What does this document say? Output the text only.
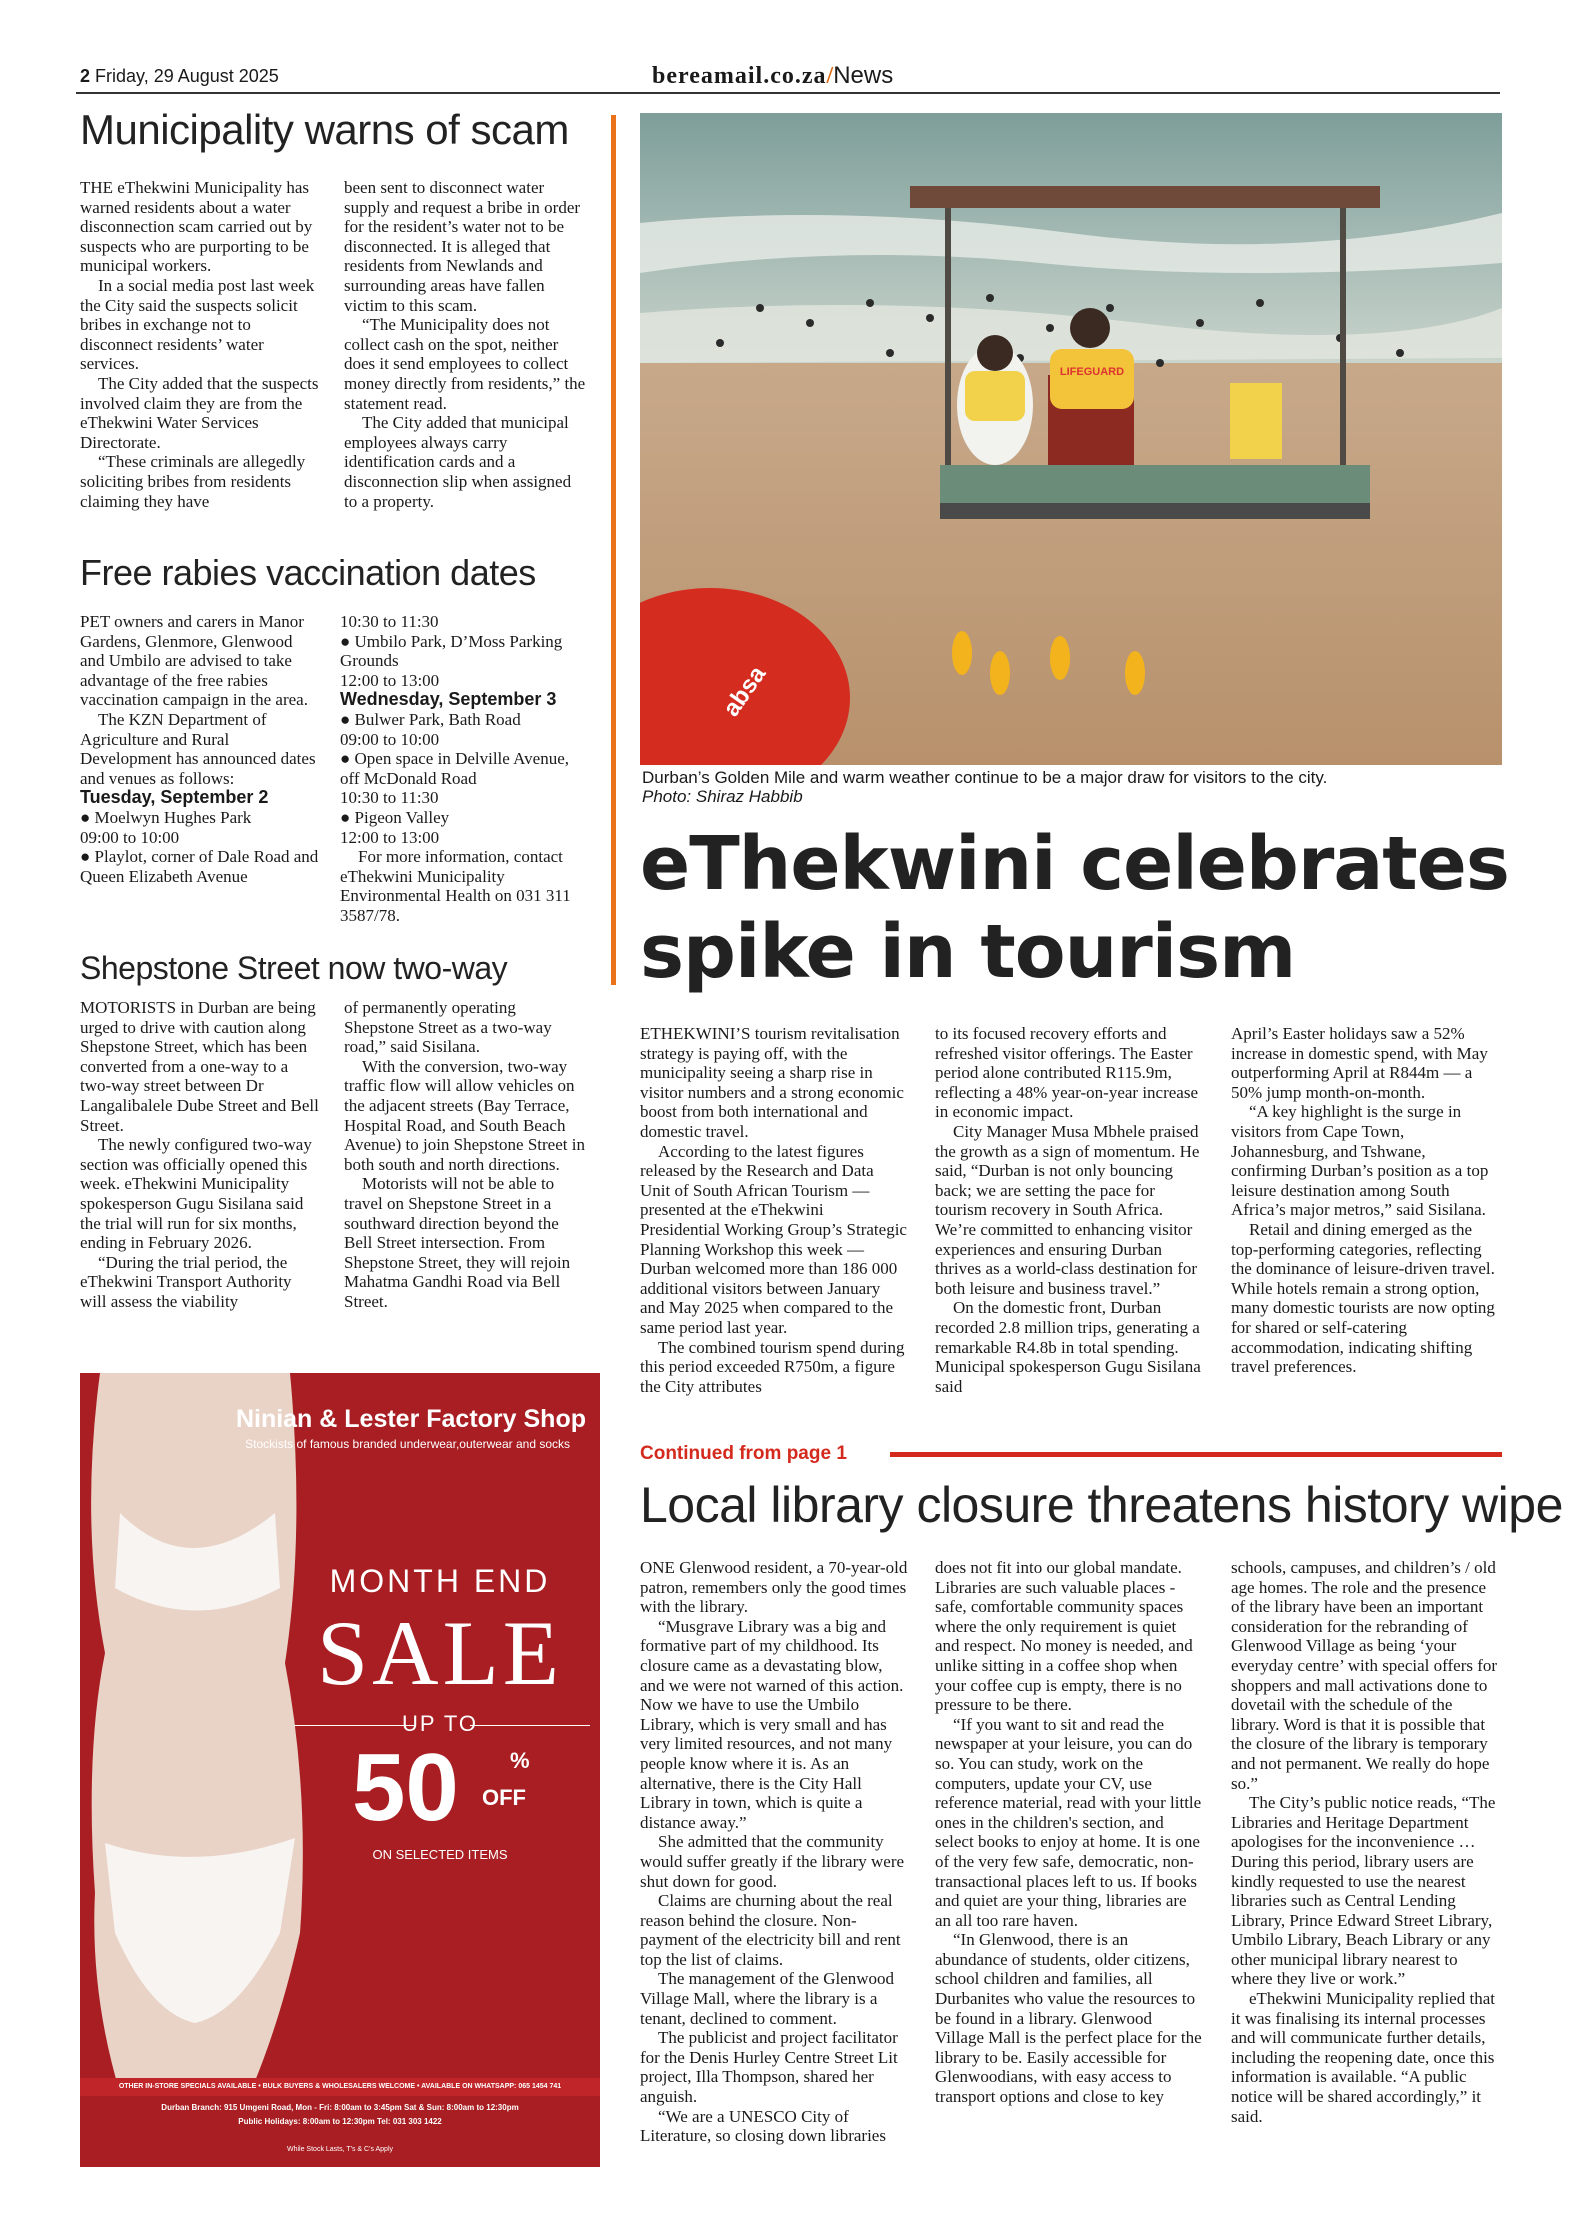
2 Friday, 29 August 2025	bereamail.co.za/News
Municipality warns of scam

THE eThekwini Municipality has warned residents about a water disconnection scam carried out by suspects who are purporting to be municipal workers.

In a social media post last week the City said the suspects solicit bribes in exchange not to disconnect residents’ water services.

The City added that the suspects involved claim they are from the eThekwini Water Services Directorate.

“These criminals are allegedly soliciting bribes from residents claiming they have

been sent to disconnect water supply and request a bribe in order for the resident’s water not to be disconnected. It is alleged that residents from Newlands and surrounding areas have fallen victim to this scam.

“The Municipality does not collect cash on the spot, neither does it send employees to collect money directly from residents,” the statement read.

The City added that municipal employees always carry identification cards and a disconnection slip when assigned to a property.

Free rabies vaccination dates

PET owners and carers in Manor Gardens, Glenmore, Glenwood and Umbilo are advised to take advantage of the free rabies vaccination campaign in the area.

The KZN Department of Agriculture and Rural Development has announced dates and venues as follows:

Tuesday, September 2
● Moelwyn Hughes Park
09:00 to 10:00
● Playlot, corner of Dale Road and Queen Elizabeth Avenue
10:30 to 11:30
● Umbilo Park, D’Moss Parking Grounds
12:00 to 13:00
Wednesday, September 3
● Bulwer Park, Bath Road
09:00 to 10:00
● Open space in Delville Avenue, off McDonald Road
10:30 to 11:30
● Pigeon Valley
12:00 to 13:00

For more information, contact eThekwini Municipality Environmental Health on 031 311 3587/78.

Shepstone Street now two-way

MOTORISTS in Durban are being urged to drive with caution along Shepstone Street, which has been converted from a one-way to a two-way street between Dr Langalibalele Dube Street and Bell Street.

The newly configured two-way section was officially opened this week. eThekwini Municipality spokesperson Gugu Sisilana said the trial will run for six months, ending in February 2026.

“During the trial period, the eThekwini Transport Authority will assess the viability

of permanently operating Shepstone Street as a two-way road,” said Sisilana.

With the conversion, two-way traffic flow will allow vehicles on the adjacent streets (Bay Terrace, Hospital Road, and South Beach Avenue) to join Shepstone Street in both south and north directions.

Motorists will not be able to travel on Shepstone Street in a southward direction beyond the Bell Street intersection. From Shepstone Street, they will rejoin Mahatma Gandhi Road via Bell Street.

LIFEGUARD
absa
Durban’s Golden Mile and warm weather continue to be a major draw for visitors to the city.
Photo: Shiraz Habbib
eThekwini celebrates
spike in tourism

ETHEKWINI’S tourism revitalisation strategy is paying off, with the municipality seeing a sharp rise in visitor numbers and a strong economic boost from both international and domestic travel.

According to the latest figures released by the Research and Data Unit of South African Tourism — presented at the eThekwini Presidential Working Group’s Strategic Planning Workshop this week — Durban welcomed more than 186 000 additional visitors between January and May 2025 when compared to the same period last year.

The combined tourism spend during this period exceeded R750m, a figure the City attributes

to its focused recovery efforts and refreshed visitor offerings. The Easter period alone contributed R115.9m, reflecting a 48% year-on-year increase in economic impact.

City Manager Musa Mbhele praised the growth as a sign of momentum. He said, “Durban is not only bouncing back; we are setting the pace for tourism recovery in South Africa. We’re committed to enhancing visitor experiences and ensuring Durban thrives as a world-class destination for both leisure and business travel.”

On the domestic front, Durban recorded 2.8 million trips, generating a remarkable R4.8b in total spending. Municipal spokesperson Gugu Sisilana said

April’s Easter holidays saw a 52% increase in domestic spend, with May outperforming April at R844m — a 50% jump month-on-month.

“A key highlight is the surge in visitors from Cape Town, Johannesburg, and Tshwane, confirming Durban’s position as a top leisure destination among South Africa’s major metros,” said Sisilana.

Retail and dining emerged as the top-performing categories, reflecting the dominance of leisure-driven travel. While hotels remain a strong option, many domestic tourists are now opting for shared or self-catering accommodation, indicating shifting travel preferences.

Continued from page 1
Local library closure threatens history wipe

ONE Glenwood resident, a 70-year-old patron, remembers only the good times with the library.

“Musgrave Library was a big and formative part of my childhood. Its closure came as a devastating blow, and we were not warned of this action. Now we have to use the Umbilo Library, which is very small and has very limited resources, and not many people know where it is. As an alternative, there is the City Hall Library in town, which is quite a distance away.”

She admitted that the community would suffer greatly if the library were shut down for good.

Claims are churning about the real reason behind the closure. Non-payment of the electricity bill and rent top the list of claims.

The management of the Glenwood Village Mall, where the library is a tenant, declined to comment.

The publicist and project facilitator for the Denis Hurley Centre Street Lit project, Illa Thompson, shared her anguish.

“We are a UNESCO City of Literature, so closing down libraries

does not fit into our global mandate. Libraries are such valuable places - safe, comfortable community spaces where the only requirement is quiet and respect. No money is needed, and unlike sitting in a coffee shop when your coffee cup is empty, there is no pressure to be there.

“If you want to sit and read the newspaper at your leisure, you can do so. You can study, work on the computers, update your CV, use reference material, read with your little ones in the children's section, and select books to enjoy at home. It is one of the very few safe, democratic, non-transactional places left to us. If books and quiet are your thing, libraries are an all too rare haven.

“In Glenwood, there is an abundance of students, older citizens, school children and families, all Durbanites who value the resources to be found in a library. Glenwood Village Mall is the perfect place for the library to be. Easily accessible for Glenwoodians, with easy access to transport options and close to key

schools, campuses, and children’s / old age homes. The role and the presence of the library have been an important consideration for the rebranding of Glenwood Village as being ‘your everyday centre’ with special offers for shoppers and mall activations done to dovetail with the schedule of the library. Word is that it is possible that the closure of the library is temporary and not permanent. We really do hope so.”

The City’s public notice reads, “The Libraries and Heritage Department apologises for the inconvenience … During this period, library users are kindly requested to use the nearest libraries such as Central Lending Library, Prince Edward Street Library, Umbilo Library, Beach Library or any other municipal library nearest to where they live or work.”

eThekwini Municipality replied that it was finalising its internal processes and will communicate further details, including the reopening date, once this information is available. “A public notice will be shared accordingly,” it said.

Ninian & Lester Factory Shop
Stockists of famous branded underwear,outerwear and socks
MONTH END
SALE
UP TO
50 %
OFF
ON SELECTED ITEMS
OTHER IN-STORE SPECIALS AVAILABLE • BULK BUYERS & WHOLESALERS WELCOME • AVAILABLE ON WHATSAPP: 065 1454 741
Durban Branch: 915 Umgeni Road, Mon - Fri: 8:00am to 3:45pm Sat & Sun: 8:00am to 12:30pm
Public Holidays: 8:00am to 12:30pm Tel: 031 303 1422
While Stock Lasts, T's & C's Apply
